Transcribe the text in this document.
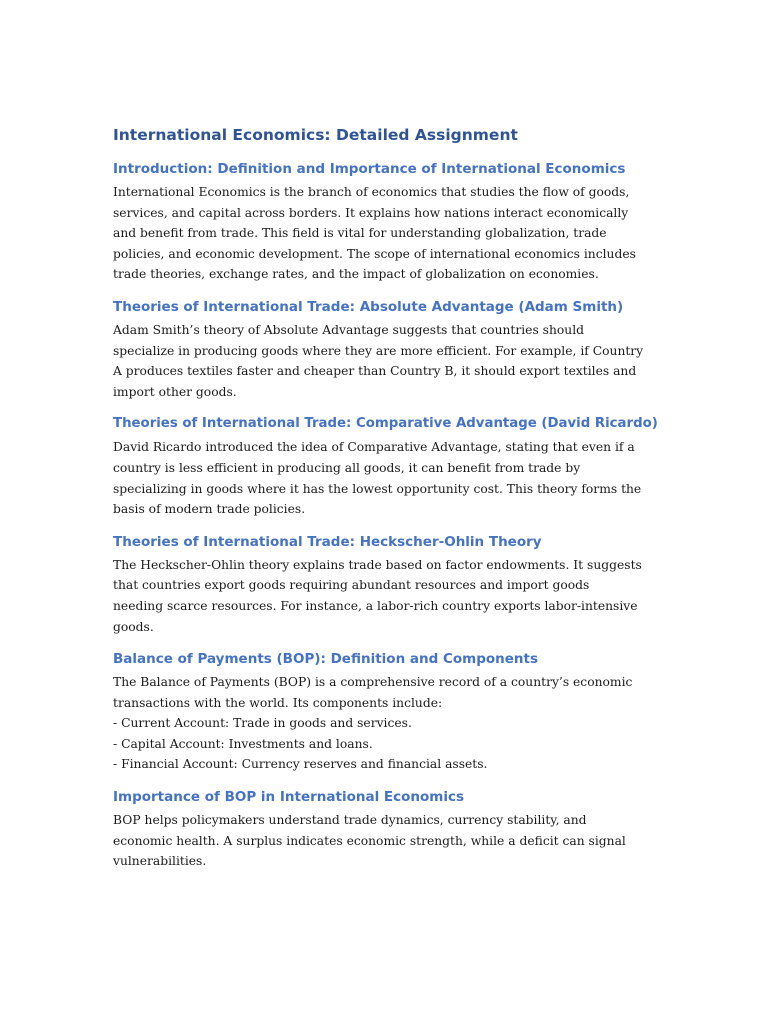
International Economics: Detailed Assignment
Introduction: Definition and Importance of International Economics

International Economics is the branch of economics that studies the flow of goods,
services, and capital across borders. It explains how nations interact economically
and benefit from trade. This field is vital for understanding globalization, trade
policies, and economic development. The scope of international economics includes
trade theories, exchange rates, and the impact of globalization on economies.

Theories of International Trade: Absolute Advantage (Adam Smith)

Adam Smith’s theory of Absolute Advantage suggests that countries should
specialize in producing goods where they are more efficient. For example, if Country
A produces textiles faster and cheaper than Country B, it should export textiles and
import other goods.

Theories of International Trade: Comparative Advantage (David Ricardo)

David Ricardo introduced the idea of Comparative Advantage, stating that even if a
country is less efficient in producing all goods, it can benefit from trade by
specializing in goods where it has the lowest opportunity cost. This theory forms the
basis of modern trade policies.

Theories of International Trade: Heckscher-Ohlin Theory

The Heckscher-Ohlin theory explains trade based on factor endowments. It suggests
that countries export goods requiring abundant resources and import goods
needing scarce resources. For instance, a labor-rich country exports labor-intensive
goods.

Balance of Payments (BOP): Definition and Components

The Balance of Payments (BOP) is a comprehensive record of a country’s economic
transactions with the world. Its components include:
- Current Account: Trade in goods and services.
- Capital Account: Investments and loans.
- Financial Account: Currency reserves and financial assets.

Importance of BOP in International Economics

BOP helps policymakers understand trade dynamics, currency stability, and
economic health. A surplus indicates economic strength, while a deficit can signal
vulnerabilities.
